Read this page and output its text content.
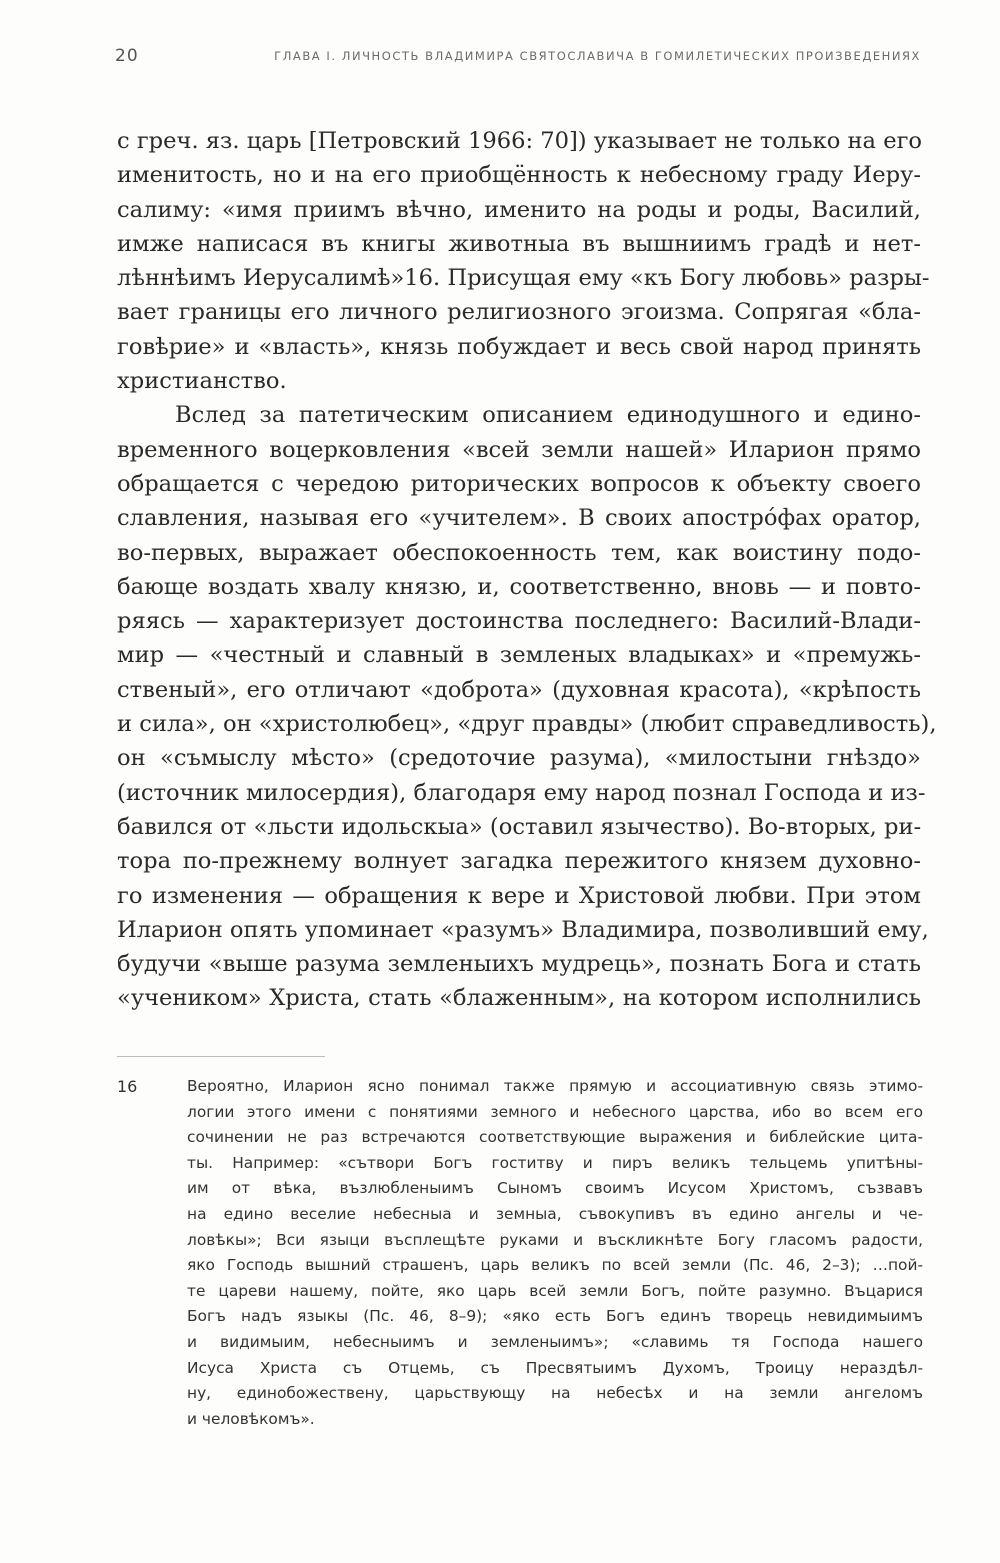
20	ГЛАВА I. ЛИЧНОСТЬ ВЛАДИМИРА СВЯТОСЛАВИЧА В ГОМИЛЕТИЧЕСКИХ ПРОИЗВЕДЕНИЯХ
с греч. яз. царь [Петровский 1966: 70]) указывает не только на его
именитость, но и на его приобщённость к небесному граду Иеру-
салиму: «имя приимъ вѣчно, именито на роды и роды, Василий,
имже написася въ книгы животныа въ вышниимъ градѣ и нет-
лѣннѣимъ Иерусалимѣ»16. Присущая ему «къ Богу любовь» разры-
вает границы его личного религиозного эгоизма. Сопрягая «бла-
говѣрие» и «власть», князь побуждает и весь свой народ принять
христианство.
Вслед за патетическим описанием единодушного и едино-
временного воцерковления «всей земли нашей» Иларион прямо
обращается с чередою риторических вопросов к объекту своего
славления, называя его «учителем». В своих апострóфах оратор,
во-первых, выражает обеспокоенность тем, как воистину подо-
бающе воздать хвалу князю, и, соответственно, вновь — и повто-
ряясь — характеризует достоинства последнего: Василий-Влади-
мир — «честный и славный в земленых владыках» и «премужь-
ственый», его отличают «доброта» (духовная красота), «крѣпость
и сила», он «христолюбец», «друг правды» (любит справедливость),
он «съмыслу мѣсто» (средоточие разума), «милостыни гнѣздо»
(источник милосердия), благодаря ему народ познал Господа и из-
бавился от «льсти идольскыа» (оставил язычество). Во-вторых, ри-
тора по-прежнему волнует загадка пережитого князем духовно-
го изменения — обращения к вере и Христовой любви. При этом
Иларион опять упоминает «разумъ» Владимира, позволивший ему,
будучи «выше разума земленыихъ мудрець», познать Бога и стать
«учеником» Христа, стать «блаженным», на котором исполнились
16	Вероятно, Иларион ясно понимал также прямую и ассоциативную связь этимо-
логии этого имени с понятиями земного и небесного царства, ибо во всем его
сочинении не раз встречаются соответствующие выражения и библейские цита-
ты. Например: «сътвори Богъ гоститву и пиръ великъ тельцемь упитѣны-
им от вѣка, възлюбленыимъ Сыномъ своимъ Исусом Христомъ, съзвавъ
на едино веселие небесныа и земныа, съвокупивъ въ едино ангелы и че-
ловѣкы»; Вси языци въсплещѣте руками и въскликнѣте Богу гласомъ радости,
яко Господь вышний страшенъ, царь великъ по всей земли (Пс. 46, 2–3); …пой-
те цареви нашему, пойте, яко царь всей земли Богъ, пойте разумно. Въцарися
Богъ надъ языкы (Пс. 46, 8–9); «яко есть Богъ единъ творець невидимыимъ
и видимыим, небесныимъ и земленыимъ»; «славимь тя Господа нашего
Исуса Христа съ Отцемь, съ Пресвятыимъ Духомъ, Троицу нераздѣл-
ну, единобожествену, царьствующу на небесѣх и на земли ангеломъ
и человѣкомъ».
